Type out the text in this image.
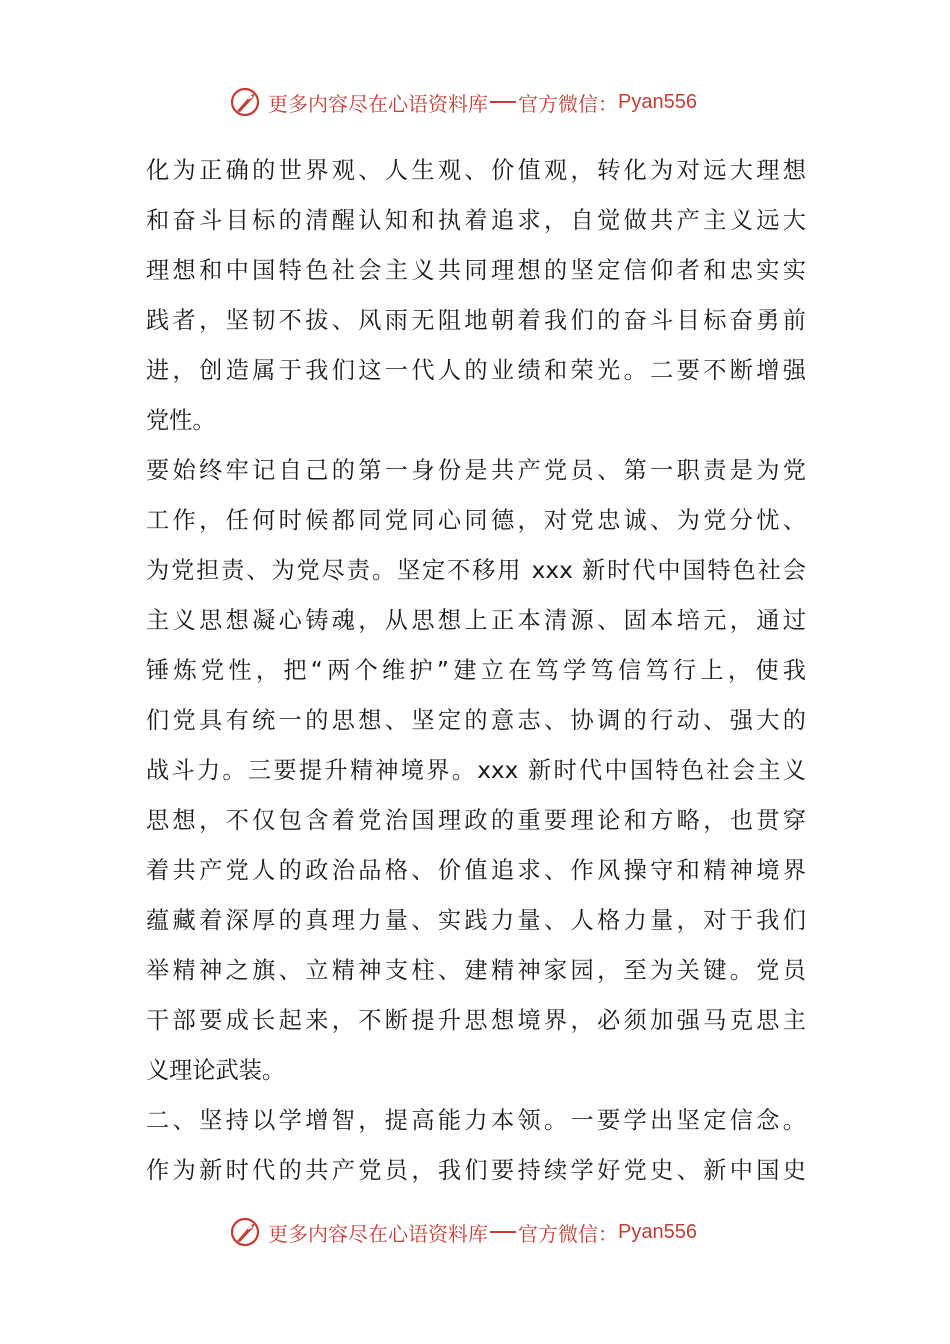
更多内容尽在心语资料库 官方微信： Pyan556
化为正确的世界观、人生观、价值观，转化为对远大理想
和奋斗目标的清醒认知和执着追求，自觉做共产主义远大
理想和中国特色社会主义共同理想的坚定信仰者和忠实实
践者，坚韧不拔、风雨无阻地朝着我们的奋斗目标奋勇前
进，创造属于我们这一代人的业绩和荣光。二要不断增强
党性。
要始终牢记自己的第一身份是共产党员、第一职责是为党
工作，任何时候都同党同心同德，对党忠诚、为党分忧、
为党担责、为党尽责。坚定不移用 xxx 新时代中国特色社会
主义思想凝心铸魂，从思想上正本清源、固本培元，通过
锤炼党性，把“两个维护”建立在笃学笃信笃行上，使我
们党具有统一的思想、坚定的意志、协调的行动、强大的
战斗力。三要提升精神境界。xxx 新时代中国特色社会主义
思想，不仅包含着党治国理政的重要理论和方略，也贯穿
着共产党人的政治品格、价值追求、作风操守和精神境界
蕴藏着深厚的真理力量、实践力量、人格力量，对于我们
举精神之旗、立精神支柱、建精神家园，至为关键。党员
干部要成长起来，不断提升思想境界，必须加强马克思主
义理论武装。
二、坚持以学增智，提高能力本领。一要学出坚定信念。
作为新时代的共产党员，我们要持续学好党史、新中国史
更多内容尽在心语资料库 官方微信： Pyan556
